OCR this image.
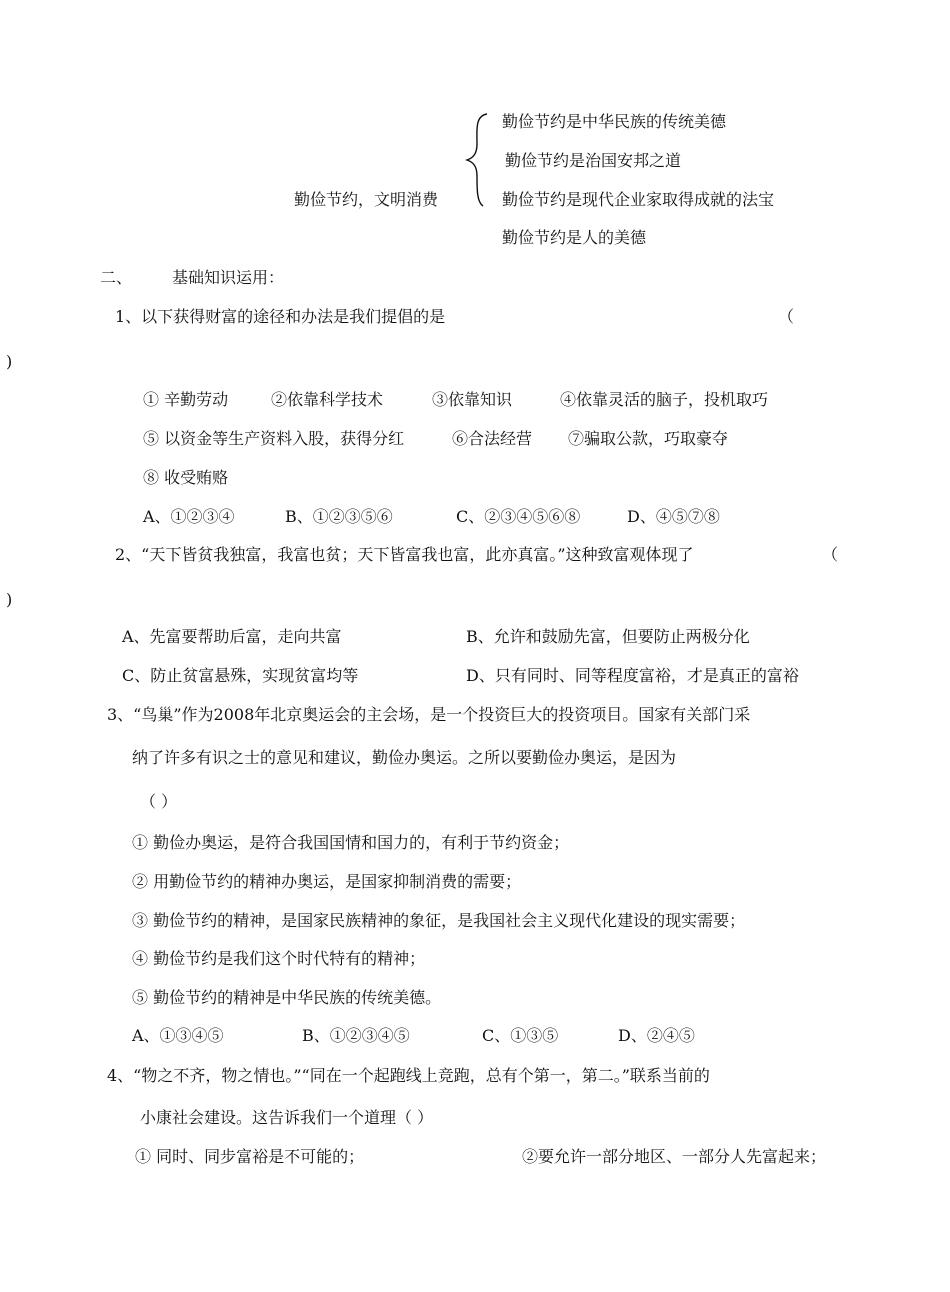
勤俭节约是中华民族的传统美德
勤俭节约是治国安邦之道
勤俭节约是现代企业家取得成就的法宝
勤俭节约是人的美德
勤俭节约，文明消费
二、 基础知识运用：
1、以下获得财富的途径和办法是我们提倡的是	（
)
① 辛勤劳动	②依靠科学技术	③依靠知识	④依靠灵活的脑子，投机取巧
⑤ 以资金等生产资料入股，获得分红	⑥合法经营 ⑦骗取公款，巧取豪夺
⑧ 收受贿赂
A、①②③④	B、①②③⑤⑥	C、②③④⑤⑥⑧	D、④⑤⑦⑧
2、“天下皆贫我独富，我富也贫；天下皆富我也富，此亦真富。”这种致富观体现了	（
)
A、先富要帮助后富，走向共富	B、允许和鼓励先富，但要防止两极分化
C、防止贫富悬殊，实现贫富均等	D、只有同时、同等程度富裕，才是真正的富裕
3、“鸟巢”作为2008年北京奥运会的主会场，是一个投资巨大的投资项目。国家有关部门采
纳了许多有识之士的意见和建议，勤俭办奥运。之所以要勤俭办奥运，是因为
（ ）
① 勤俭办奥运，是符合我国国情和国力的，有利于节约资金；
② 用勤俭节约的精神办奥运，是国家抑制消费的需要；
③ 勤俭节约的精神，是国家民族精神的象征，是我国社会主义现代化建设的现实需要；
④ 勤俭节约是我们这个时代特有的精神；
⑤ 勤俭节约的精神是中华民族的传统美德。
A、①③④⑤	B、①②③④⑤	C、①③⑤	D、②④⑤
4、“物之不齐，物之情也。”“同在一个起跑线上竞跑，总有个第一，第二。”联系当前的
小康社会建设。这告诉我们一个道理（ ）
① 同时、同步富裕是不可能的；	②要允许一部分地区、一部分人先富起来；
